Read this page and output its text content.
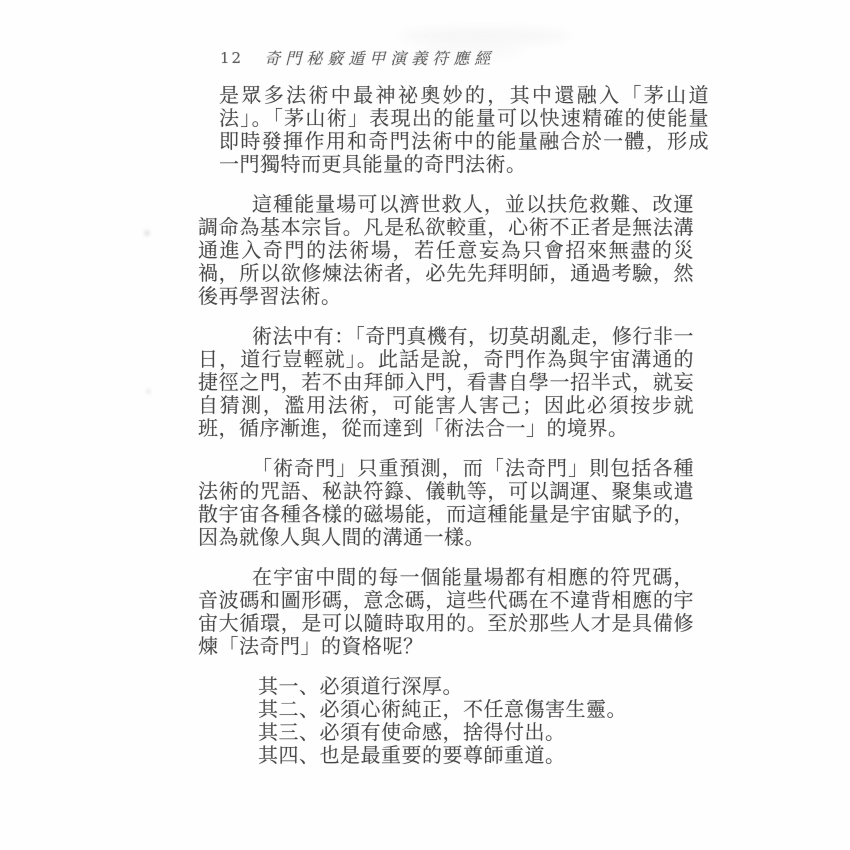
12 奇門秘竅遁甲演義符應經

是眾多法術中最神祕奧妙的，其中還融入「茅山道法」。「茅山術」表現出的能量可以快速精確的使能量即時發揮作用和奇門法術中的能量融合於一體，形成一門獨特而更具能量的奇門法術。

這種能量場可以濟世救人，並以扶危救難、改運調命為基本宗旨。凡是私欲較重，心術不正者是無法溝通進入奇門的法術場，若任意妄為只會招來無盡的災禍，所以欲修煉法術者，必先先拜明師，通過考驗，然後再學習法術。

術法中有：「奇門真機有，切莫胡亂走，修行非一日，道行豈輕就」。此話是說，奇門作為與宇宙溝通的捷徑之門，若不由拜師入門，看書自學一招半式，就妄自猜測，濫用法術，可能害人害己；因此必須按步就班，循序漸進，從而達到「術法合一」的境界。

「術奇門」只重預測，而「法奇門」則包括各種法術的咒語、秘訣符籙、儀軌等，可以調運、聚集或遣散宇宙各種各樣的磁場能，而這種能量是宇宙賦予的，因為就像人與人間的溝通一樣。

在宇宙中間的每一個能量場都有相應的符咒碼，音波碼和圖形碼，意念碼，這些代碼在不違背相應的宇宙大循環，是可以隨時取用的。至於那些人才是具備修煉「法奇門」的資格呢？

其一、必須道行深厚。
其二、必須心術純正，不任意傷害生靈。
其三、必須有使命感，捨得付出。
其四、也是最重要的要尊師重道。
